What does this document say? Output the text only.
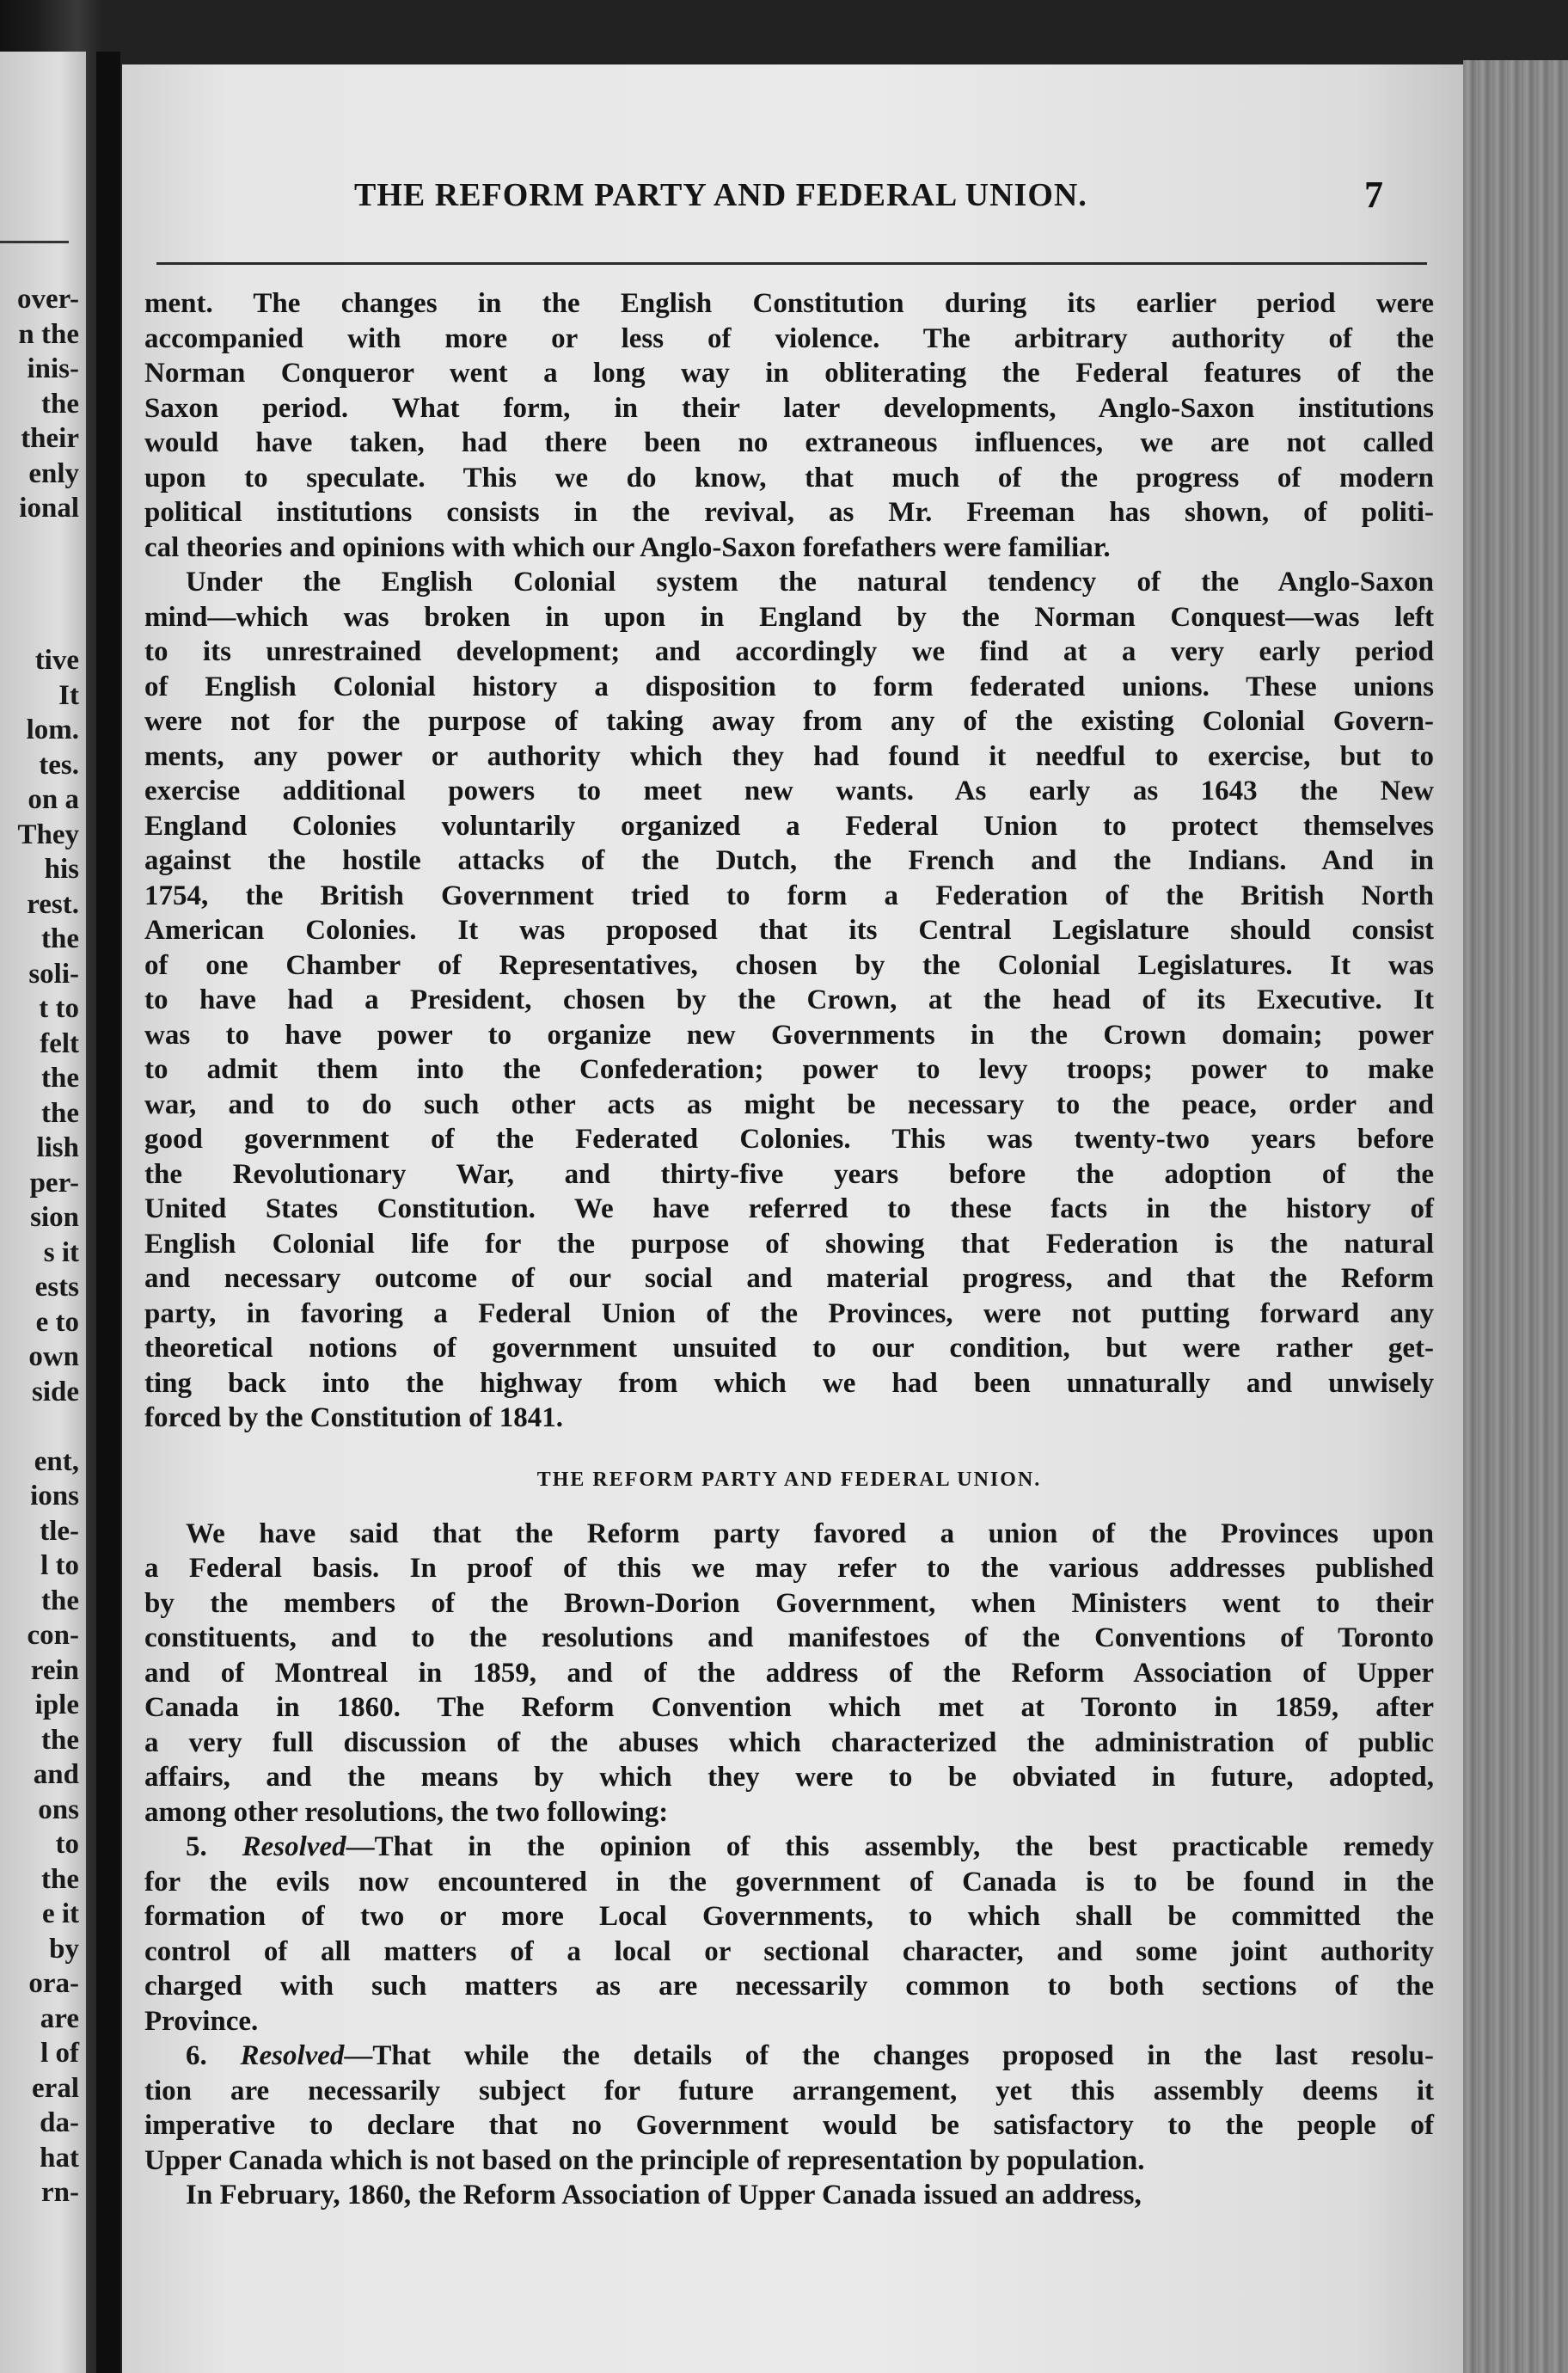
over-
n the
inis-
the
their
enly
ional
tive
It
lom.
tes.
on a
They
his
rest.
the
soli-
t to
felt
the
the
lish
per-
sion
s it
ests
e to
own
side

ent,
ions
tle-
l to
the
con-
rein
iple
the
and
ons
to
the
e it
by
ora-
are
l of
eral
da-
hat
rn-

THE REFORM PARTY AND FEDERAL UNION.	7

ment. The changes in the English Constitution during its earlier period were
accompanied with more or less of violence. The arbitrary authority of the
Norman Conqueror went a long way in obliterating the Federal features of the
Saxon period. What form, in their later developments, Anglo-Saxon institutions
would have taken, had there been no extraneous influences, we are not called
upon to speculate. This we do know, that much of the progress of modern
political institutions consists in the revival, as Mr. Freeman has shown, of politi-
cal theories and opinions with which our Anglo-Saxon forefathers were familiar.
Under the English Colonial system the natural tendency of the Anglo-Saxon
mind—which was broken in upon in England by the Norman Conquest—was left
to its unrestrained development; and accordingly we find at a very early period
of English Colonial history a disposition to form federated unions. These unions
were not for the purpose of taking away from any of the existing Colonial Govern-
ments, any power or authority which they had found it needful to exercise, but to
exercise additional powers to meet new wants. As early as 1643 the New
England Colonies voluntarily organized a Federal Union to protect themselves
against the hostile attacks of the Dutch, the French and the Indians. And in
1754, the British Government tried to form a Federation of the British North
American Colonies. It was proposed that its Central Legislature should consist
of one Chamber of Representatives, chosen by the Colonial Legislatures. It was
to have had a President, chosen by the Crown, at the head of its Executive. It
was to have power to organize new Governments in the Crown domain; power
to admit them into the Confederation; power to levy troops; power to make
war, and to do such other acts as might be necessary to the peace, order and
good government of the Federated Colonies. This was twenty-two years before
the Revolutionary War, and thirty-five years before the adoption of the
United States Constitution. We have referred to these facts in the history of
English Colonial life for the purpose of showing that Federation is the natural
and necessary outcome of our social and material progress, and that the Reform
party, in favoring a Federal Union of the Provinces, were not putting forward any
theoretical notions of government unsuited to our condition, but were rather get-
ting back into the highway from which we had been unnaturally and unwisely
forced by the Constitution of 1841.
THE REFORM PARTY AND FEDERAL UNION.
We have said that the Reform party favored a union of the Provinces upon
a Federal basis. In proof of this we may refer to the various addresses published
by the members of the Brown-Dorion Government, when Ministers went to their
constituents, and to the resolutions and manifestoes of the Conventions of Toronto
and of Montreal in 1859, and of the address of the Reform Association of Upper
Canada in 1860. The Reform Convention which met at Toronto in 1859, after
a very full discussion of the abuses which characterized the administration of public
affairs, and the means by which they were to be obviated in future, adopted,
among other resolutions, the two following:
5. Resolved—That in the opinion of this assembly, the best practicable remedy
for the evils now encountered in the government of Canada is to be found in the
formation of two or more Local Governments, to which shall be committed the
control of all matters of a local or sectional character, and some joint authority
charged with such matters as are necessarily common to both sections of the
Province.
6. Resolved—That while the details of the changes proposed in the last resolu-
tion are necessarily subject for future arrangement, yet this assembly deems it
imperative to declare that no Government would be satisfactory to the people of
Upper Canada which is not based on the principle of representation by population.
In February, 1860, the Reform Association of Upper Canada issued an address,
